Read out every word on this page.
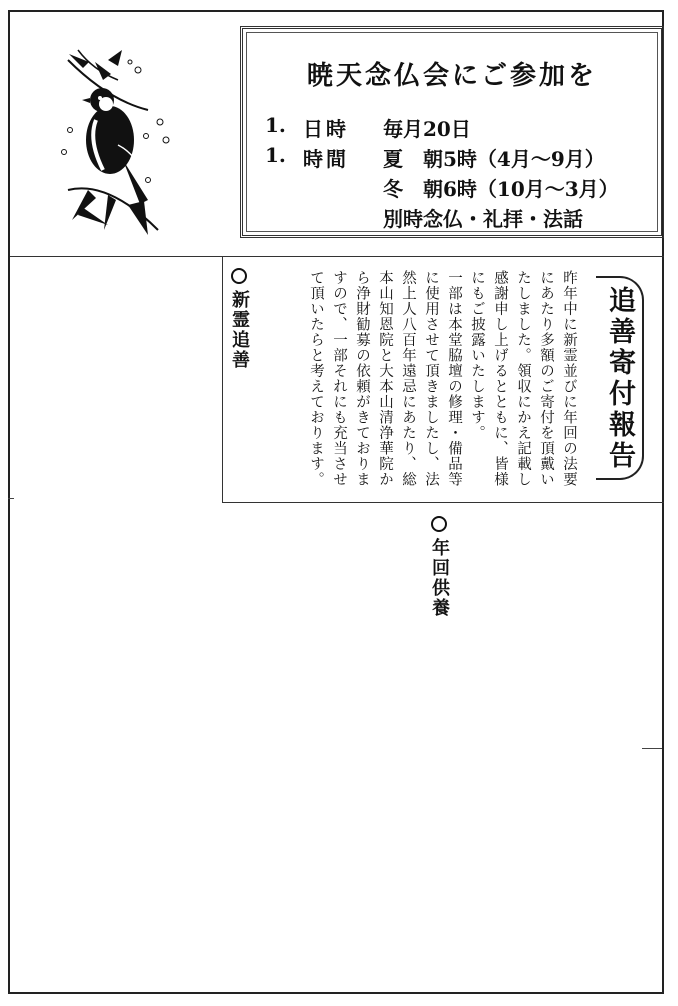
暁天念仏会にご参加を
1. 日時 毎月20日
1. 時間 夏　朝5時（4月～9月）
冬　朝6時（10月～3月）
別時念仏・礼拝・法話
追善寄付報告

昨年中に新霊並びに年回の法要にあたり多額のご寄付を頂戴いたしました。領収にかえ記載し感謝申し上げるとともに、皆様にもご披露いたします。

一部は本堂脇壇の修理・備品等に使用させて頂きましたし、法然上人八百年遠忌にあたり、総本山知恩院と大本山清浄華院から浄財勧募の依頼がきておりますので、一部それにも充当させて頂いたらと考えております。

新霊追善
年回供養
